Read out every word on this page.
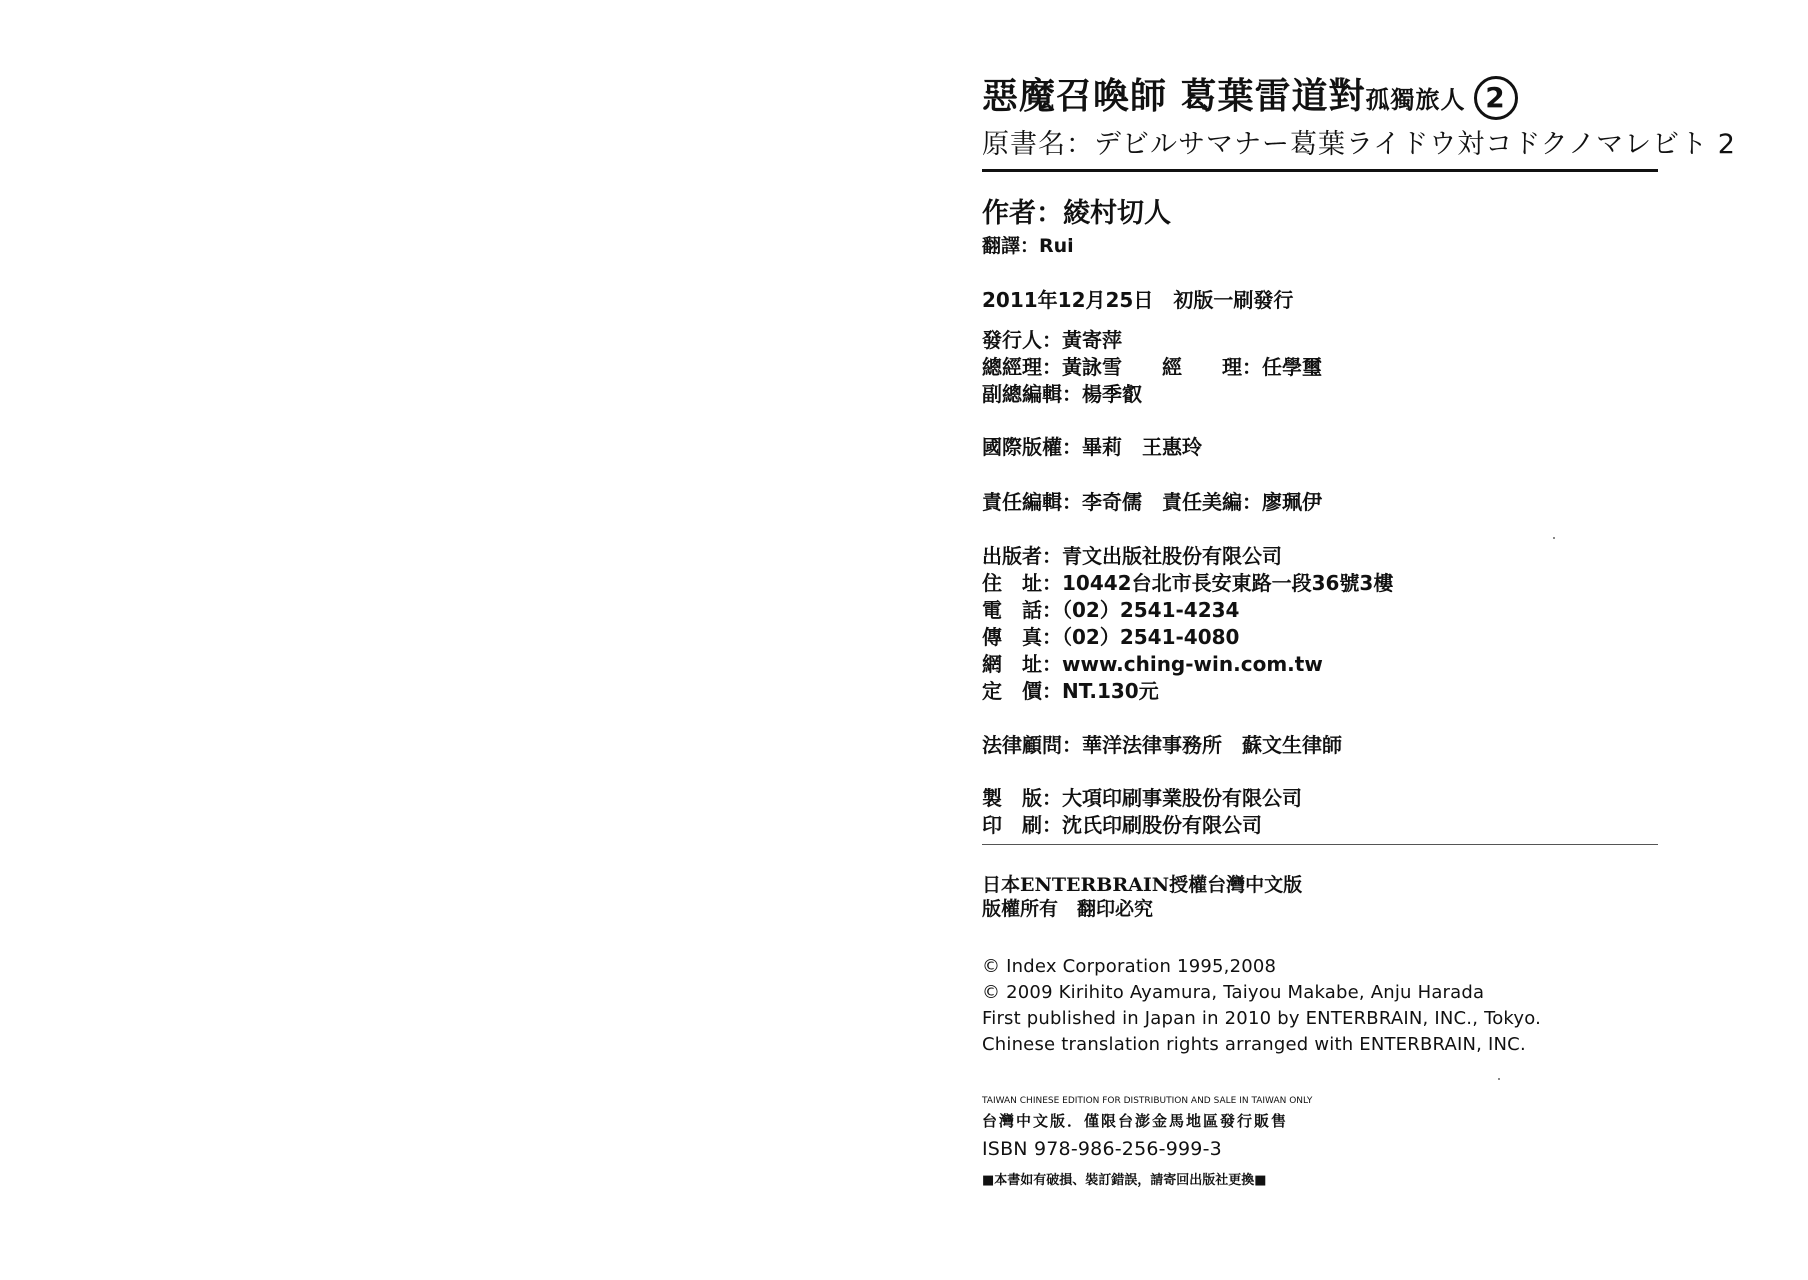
惡魔召喚師 葛葉雷道對孤獨旅人 2
原書名：デビルサマナー葛葉ライドウ対コドクノマレビト 2
作者：綾村切人
翻譯：Rui
2011年12月25日　初版一刷發行
發行人：黃寄萍
總經理：黃詠雪 經　　理：任學璽
副總編輯：楊季叡
國際版權：畢莉　王惠玲
責任編輯：李奇儒　責任美編：廖珮伊
出版者：青文出版社股份有限公司
住　址：10442台北市長安東路一段36號3樓
電　話：（02）2541-4234
傳　真：（02）2541-4080
網　址：www.ching-win.com.tw
定　價：NT.130元
法律顧問：華洋法律事務所　蘇文生律師
製　版：大項印刷事業股份有限公司
印　刷：沈氏印刷股份有限公司
日本ENTERBRAIN授權台灣中文版
版權所有　翻印必究
© Index Corporation 1995,2008
© 2009 Kirihito Ayamura, Taiyou Makabe, Anju Harada
First published in Japan in 2010 by ENTERBRAIN, INC., Tokyo.
Chinese translation rights arranged with ENTERBRAIN, INC.
TAIWAN CHINESE EDITION FOR DISTRIBUTION AND SALE IN TAIWAN ONLY
台灣中文版．僅限台澎金馬地區發行販售
ISBN 978-986-256-999-3
■本書如有破損、裝訂錯誤，請寄回出版社更換■
